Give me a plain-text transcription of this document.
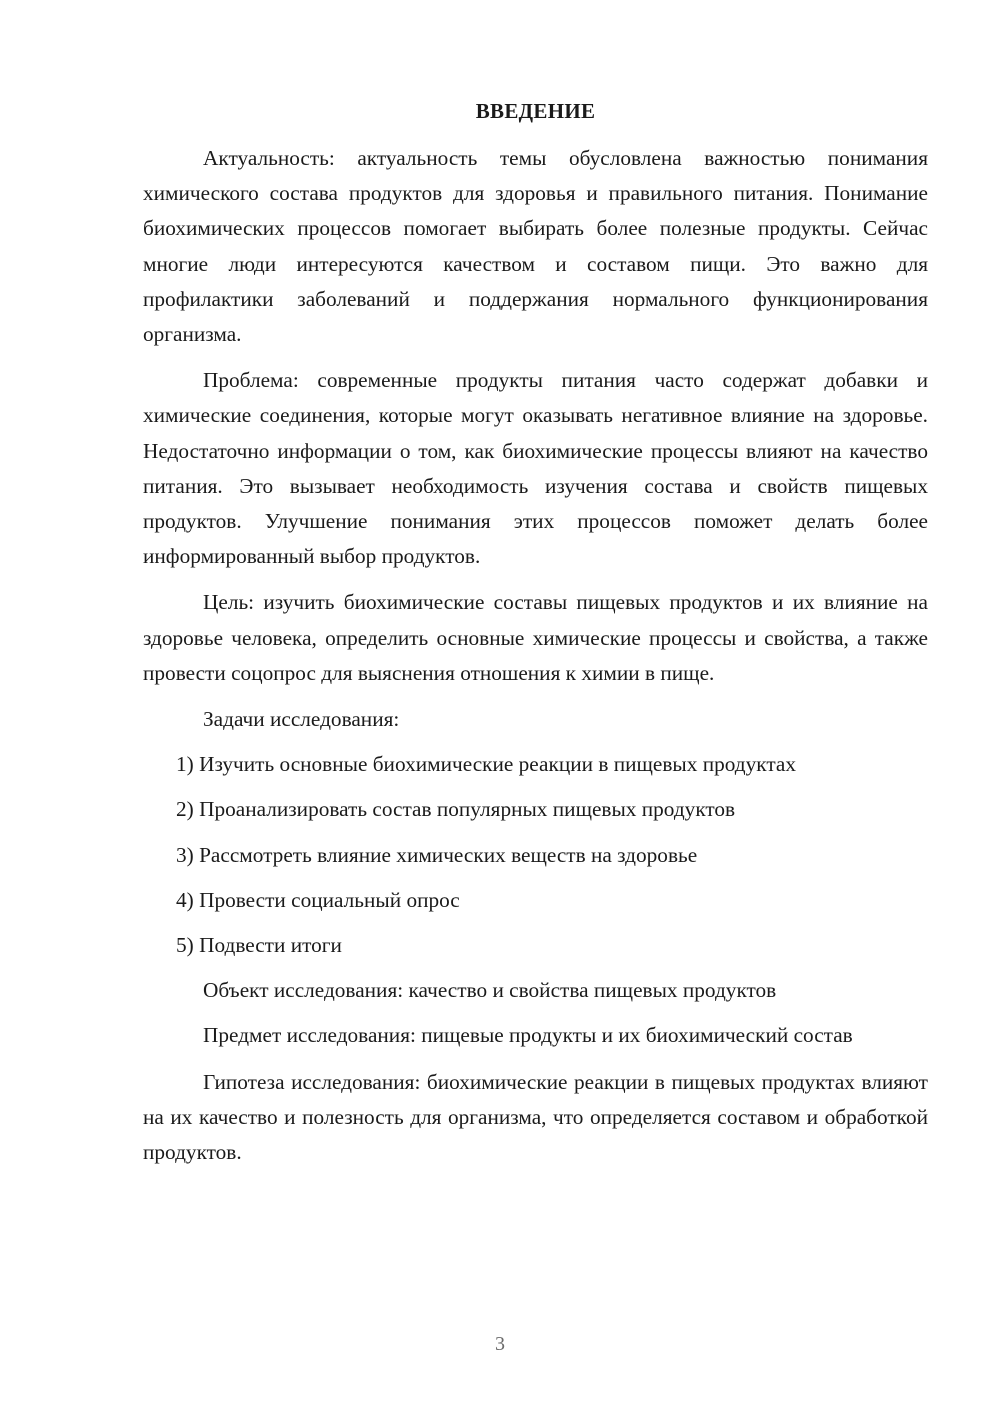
ВВЕДЕНИЕ

Актуальность: актуальность темы обусловлена важностью понимания химического состава продуктов для здоровья и правильного питания. Понимание биохимических процессов помогает выбирать более полезные продукты. Сейчас многие люди интересуются качеством и составом пищи. Это важно для профилактики заболеваний и поддержания нормального функционирования организма.

Проблема: современные продукты питания часто содержат добавки и химические соединения, которые могут оказывать негативное влияние на здоровье. Недостаточно информации о том, как биохимические процессы влияют на качество питания. Это вызывает необходимость изучения состава и свойств пищевых продуктов. Улучшение понимания этих процессов поможет делать более информированный выбор продуктов.

Цель: изучить биохимические составы пищевых продуктов и их влияние на здоровье человека, определить основные химические процессы и свойства, а также провести соцопрос для выяснения отношения к химии в пище.

Задачи исследования:

1) Изучить основные биохимические реакции в пищевых продуктах
2) Проанализировать состав популярных пищевых продуктов
3) Рассмотреть влияние химических веществ на здоровье
4) Провести социальный опрос
5) Подвести итоги

Объект исследования: качество и свойства пищевых продуктов

Предмет исследования: пищевые продукты и их биохимический состав

Гипотеза исследования: биохимические реакции в пищевых продуктах влияют на их качество и полезность для организма, что определяется составом и обработкой продуктов.

3
